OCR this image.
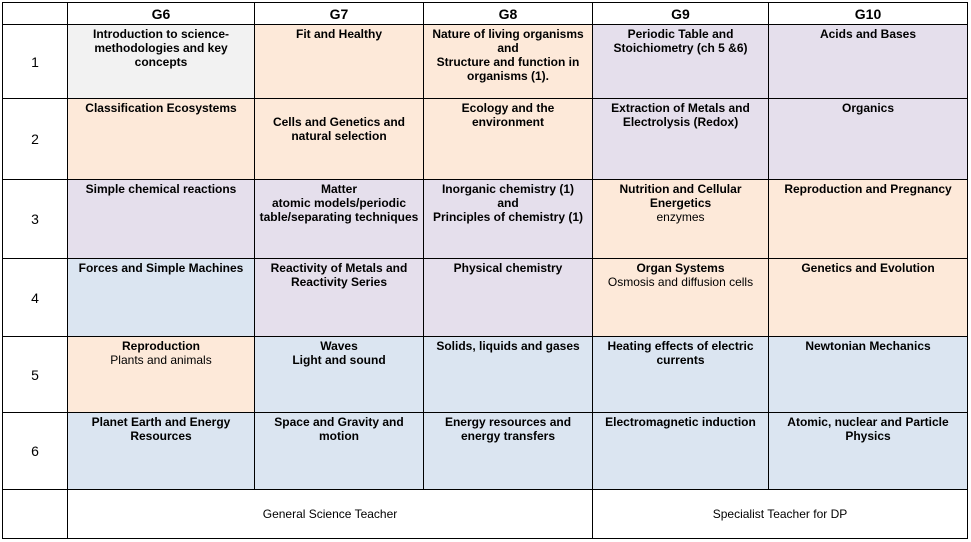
	G6	G7	G8	G9	G10
1	Introduction to science-methodologies and key concepts	Fit and Healthy	Nature of living organisms
and
Structure and function in organisms (1).	Periodic Table and Stoichiometry (ch 5 &6)	Acids and Bases

2	Classification Ecosystems	Cells and Genetics and natural selection	Ecology and the environment	Extraction of Metals and Electrolysis (Redox)	Organics

3	Simple chemical reactions	Matter
atomic models/periodic table/separating techniques	Inorganic chemistry (1)
and
Principles of chemistry (1)	Nutrition and Cellular Energetics
enzymes	Reproduction and Pregnancy

4	Forces and Simple Machines	Reactivity of Metals and Reactivity Series	Physical chemistry	Organ Systems
Osmosis and diffusion cells	Genetics and Evolution

5	Reproduction
Plants and animals	Waves
Light and sound	Solids, liquids and gases	Heating effects of electric currents	Newtonian Mechanics

6	Planet Earth and Energy Resources	Space and Gravity and motion	Energy resources and energy transfers	Electromagnetic induction	Atomic, nuclear and Particle Physics

	General Science Teacher			Specialist Teacher for DP	
